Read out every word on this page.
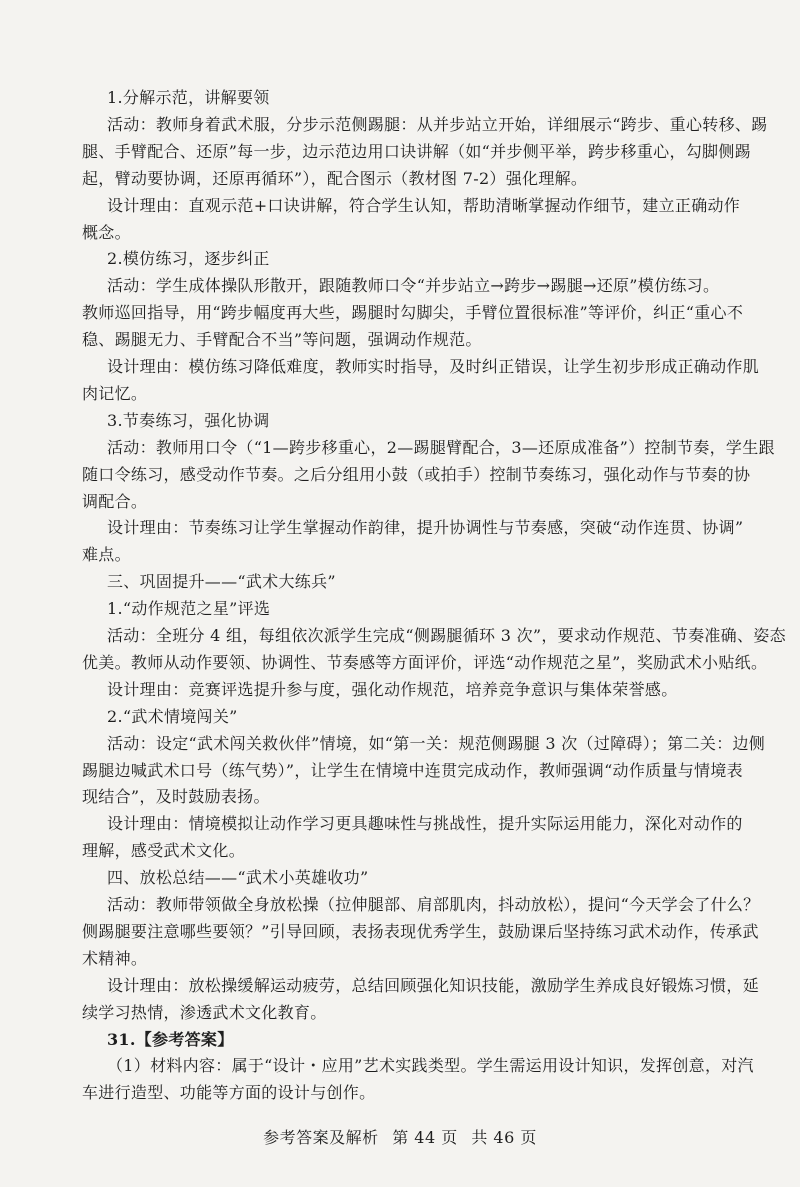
1.分解示范，讲解要领
活动：教师身着武术服，分步示范侧踢腿：从并步站立开始，详细展示“跨步、重心转移、踢
腿、手臂配合、还原”每一步，边示范边用口诀讲解（如“并步侧平举，跨步移重心，勾脚侧踢
起，臂动要协调，还原再循环”），配合图示（教材图 7-2）强化理解。
设计理由：直观示范+口诀讲解，符合学生认知，帮助清晰掌握动作细节，建立正确动作
概念。
2.模仿练习，逐步纠正
活动：学生成体操队形散开，跟随教师口令“并步站立→跨步→踢腿→还原”模仿练习。
教师巡回指导，用“跨步幅度再大些，踢腿时勾脚尖，手臂位置很标准”等评价，纠正“重心不
稳、踢腿无力、手臂配合不当”等问题，强调动作规范。
设计理由：模仿练习降低难度，教师实时指导，及时纠正错误，让学生初步形成正确动作肌
肉记忆。
3.节奏练习，强化协调
活动：教师用口令（“1—跨步移重心，2—踢腿臂配合，3—还原成准备”）控制节奏，学生跟
随口令练习，感受动作节奏。之后分组用小鼓（或拍手）控制节奏练习，强化动作与节奏的协
调配合。
设计理由：节奏练习让学生掌握动作韵律，提升协调性与节奏感，突破“动作连贯、协调”
难点。
三、巩固提升——“武术大练兵”
1.“动作规范之星”评选
活动：全班分 4 组，每组依次派学生完成“侧踢腿循环 3 次”，要求动作规范、节奏准确、姿态
优美。教师从动作要领、协调性、节奏感等方面评价，评选“动作规范之星”，奖励武术小贴纸。
设计理由：竞赛评选提升参与度，强化动作规范，培养竞争意识与集体荣誉感。
2.“武术情境闯关”
活动：设定“武术闯关救伙伴”情境，如“第一关：规范侧踢腿 3 次（过障碍）；第二关：边侧
踢腿边喊武术口号（练气势）”，让学生在情境中连贯完成动作，教师强调“动作质量与情境表
现结合”，及时鼓励表扬。
设计理由：情境模拟让动作学习更具趣味性与挑战性，提升实际运用能力，深化对动作的
理解，感受武术文化。
四、放松总结——“武术小英雄收功”
活动：教师带领做全身放松操（拉伸腿部、肩部肌肉，抖动放松），提问“今天学会了什么？
侧踢腿要注意哪些要领？”引导回顾，表扬表现优秀学生，鼓励课后坚持练习武术动作，传承武
术精神。
设计理由：放松操缓解运动疲劳，总结回顾强化知识技能，激励学生养成良好锻炼习惯，延
续学习热情，渗透武术文化教育。
31.【参考答案】
（1）材料内容：属于“设计・应用”艺术实践类型。学生需运用设计知识，发挥创意，对汽
车进行造型、功能等方面的设计与创作。
参考答案及解析 第 44 页 共 46 页
